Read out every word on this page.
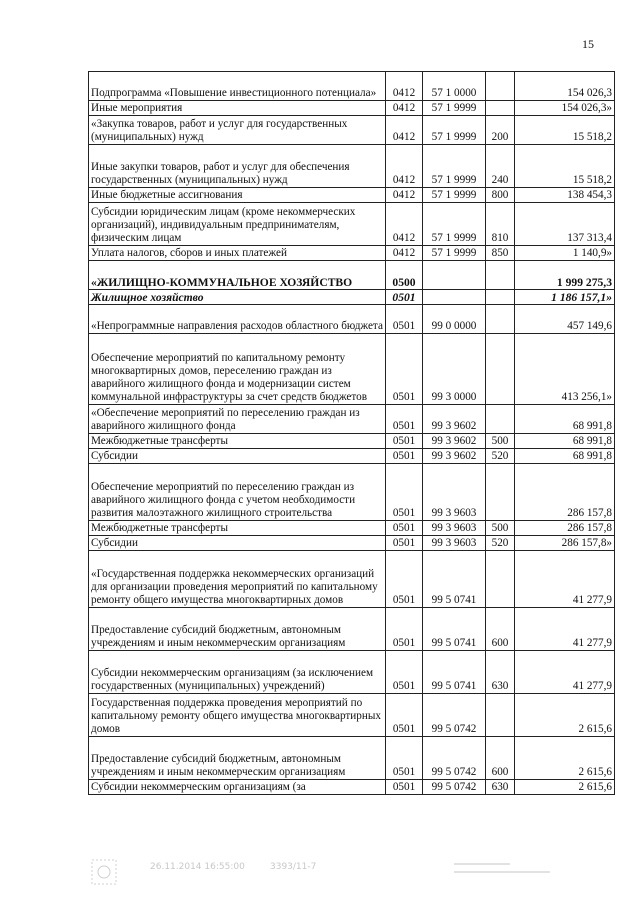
15
Подпрограмма «Повышение инвестиционного потенциала»	0412	57 1 0000		154 026,3
Иные мероприятия	0412	57 1 9999		154 026,3»
«Закупка товаров, работ и услуг для государственных (муниципальных) нужд	0412	57 1 9999	200	15 518,2
Иные закупки товаров, работ и услуг для обеспечения государственных (муниципальных) нужд	0412	57 1 9999	240	15 518,2
Иные бюджетные ассигнования	0412	57 1 9999	800	138 454,3
Субсидии юридическим лицам (кроме некоммерческих организаций), индивидуальным предпринимателям, физическим лицам	0412	57 1 9999	810	137 313,4
Уплата налогов, сборов и иных платежей	0412	57 1 9999	850	1 140,9»
«ЖИЛИЩНО-КОММУНАЛЬНОЕ ХОЗЯЙСТВО	0500			1 999 275,3
Жилищное хозяйство	0501			1 186 157,1»
«Непрограммные направления расходов областного бюджета	0501	99 0 0000		457 149,6
Обеспечение мероприятий по капитальному ремонту многоквартирных домов, переселению граждан из аварийного жилищного фонда и модернизации систем коммунальной инфраструктуры за счет средств бюджетов	0501	99 3 0000		413 256,1»
«Обеспечение мероприятий по переселению граждан из аварийного жилищного фонда	0501	99 3 9602		68 991,8
Межбюджетные трансферты	0501	99 3 9602	500	68 991,8
Субсидии	0501	99 3 9602	520	68 991,8
Обеспечение мероприятий по переселению граждан из аварийного жилищного фонда с учетом необходимости развития малоэтажного жилищного строительства	0501	99 3 9603		286 157,8
Межбюджетные трансферты	0501	99 3 9603	500	286 157,8
Субсидии	0501	99 3 9603	520	286 157,8»
«Государственная поддержка некоммерческих организаций для организации проведения мероприятий по капитальному ремонту общего имущества многоквартирных домов	0501	99 5 0741		41 277,9
Предоставление субсидий бюджетным, автономным учреждениям и иным некоммерческим организациям	0501	99 5 0741	600	41 277,9
Субсидии некоммерческим организациям (за исключением государственных (муниципальных) учреждений)	0501	99 5 0741	630	41 277,9
Государственная поддержка проведения мероприятий по капитальному ремонту общего имущества многоквартирных домов	0501	99 5 0742		2 615,6
Предоставление субсидий бюджетным, автономным учреждениям и иным некоммерческим организациям	0501	99 5 0742	600	2 615,6
Субсидии некоммерческим организациям (за	0501	99 5 0742	630	2 615,6
26.11.2014 16:55:00	3393/11-7
